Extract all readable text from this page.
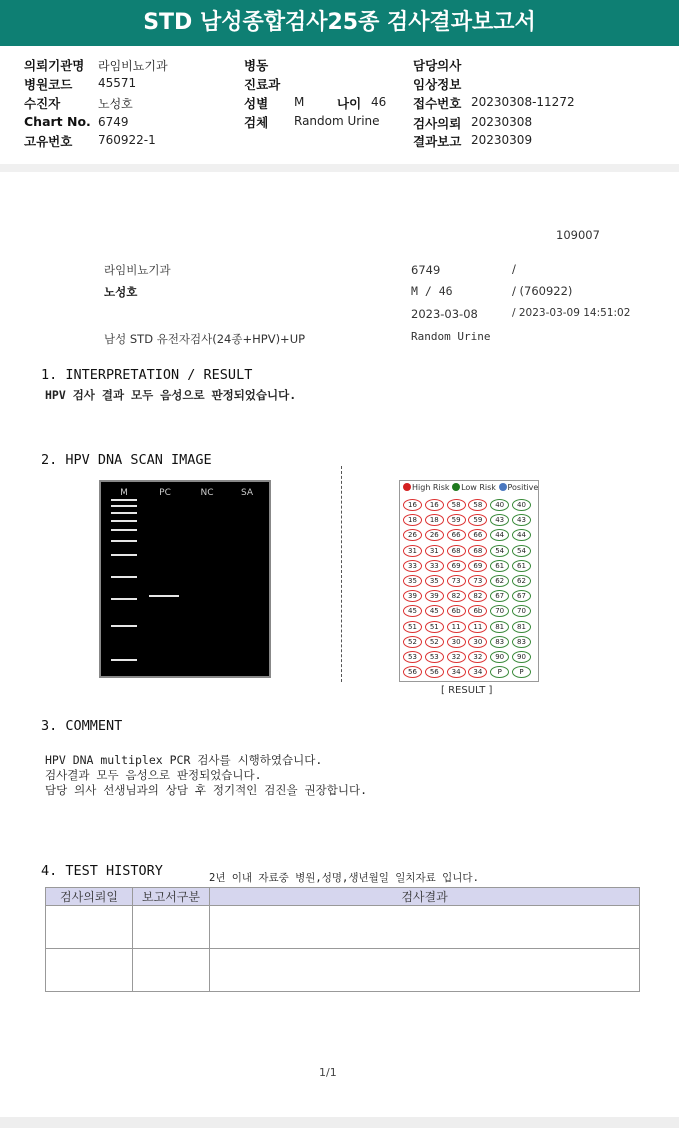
STD 남성종합검사25종 검사결과보고서
의뢰기관명 라임비뇨기과
병원코드 45571
수진자	노성호
Chart No. 6749
고유번호 760922-1
병동
진료과
성별 M	나이 46
검체 Random Urine
담당의사
임상정보
접수번호 20230308-11272
검사의뢰 20230308
결과보고 20230309
109007
라임비뇨기과
노성호
남성 STD 유전자검사(24종+HPV)+UP
6749	/
M / 46	/ (760922)
2023-03-08	/ 2023-03-09 14:51:02
Random Urine
1. INTERPRETATION / RESULT
HPV 검사 결과 모두 음성으로 판정되었습니다.
2. HPV DNA SCAN IMAGE
M	PC	NC	SA
High Risk Low Risk Positive
16	16	58	58	40	40
18	18	59	59	43	43
26	26	66	66	44	44
31	31	68	68	54	54
33	33	69	69	61	61
35	35	73	73	62	62
39	39	82	82	67	67
45	45	6b	6b	70	70
51	51	11	11	81	81
52	52	30	30	83	83
53	53	32	32	90	90
56	56	34	34	P	P
[ RESULT ]
3. COMMENT
HPV DNA multiplex PCR 검사를 시행하였습니다.
검사결과 모두 음성으로 판정되었습니다.
담당 의사 선생님과의 상담 후 정기적인 검진을 권장합니다.
4. TEST HISTORY	2년 이내 자료중 병원,성명,생년월일 일치자료 입니다.
검사의뢰일	보고서구분	검사결과

1/1
